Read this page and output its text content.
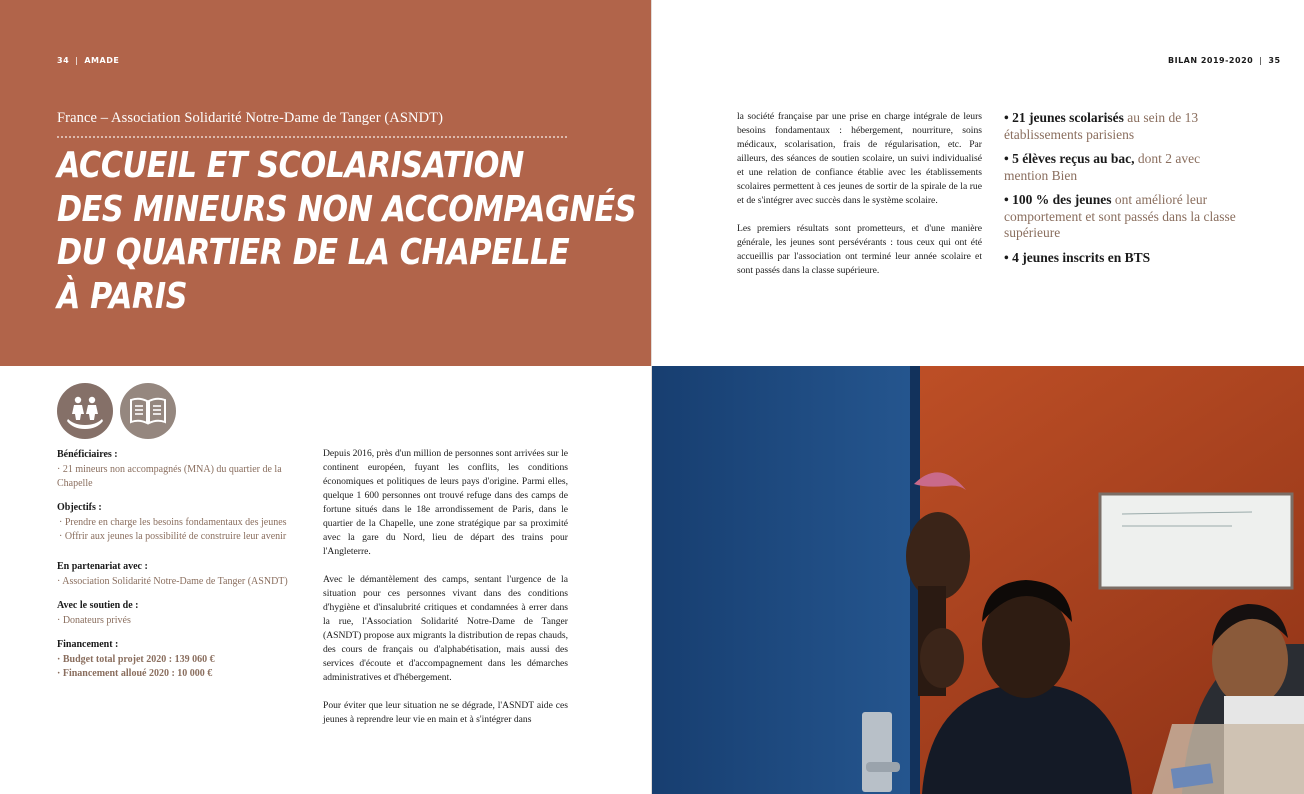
34 | AMADE
France – Association Solidarité Notre-Dame de Tanger (ASNDT)
ACCUEIL ET SCOLARISATION
DES MINEURS NON ACCOMPAGNÉS
DU QUARTIER DE LA CHAPELLE
À PARIS
Bénéficiaires :
· 21 mineurs non accompagnés (MNA) du quartier de la Chapelle
Objectifs :
· Prendre en charge les besoins fondamentaux des jeunes
· Offrir aux jeunes la possibilité de construire leur avenir
En partenariat avec :
· Association Solidarité Notre-Dame de Tanger (ASNDT)
Avec le soutien de :
· Donateurs privés
Financement :
· Budget total projet 2020 : 139 060 €
· Financement alloué 2020 : 10 000 €

Depuis 2016, près d'un million de personnes sont arrivées sur le continent européen, fuyant les conflits, les conditions économiques et politiques de leurs pays d'origine. Parmi elles, quelque 1 600 personnes ont trouvé refuge dans des camps de fortune situés dans le 18e arrondissement de Paris, dans le quartier de la Chapelle, une zone stratégique par sa proximité avec la gare du Nord, lieu de départ des trains pour l'Angleterre.

Avec le démantèlement des camps, sentant l'urgence de la situation pour ces personnes vivant dans des conditions d'hygiène et d'insalubrité critiques et condamnées à errer dans la rue, l'Association Solidarité Notre-Dame de Tanger (ASNDT) propose aux migrants la distribution de repas chauds, des cours de français ou d'alphabétisation, mais aussi des services d'écoute et d'accompagnement dans les démarches administratives et d'hébergement.

Pour éviter que leur situation ne se dégrade, l'ASNDT aide ces jeunes à reprendre leur vie en main et à s'intégrer dans

BILAN 2019-2020 | 35

la société française par une prise en charge intégrale de leurs besoins fondamentaux : hébergement, nourriture, soins médicaux, scolarisation, frais de régularisation, etc. Par ailleurs, des séances de soutien scolaire, un suivi individualisé et une relation de confiance établie avec les établissements scolaires permettent à ces jeunes de sortir de la spirale de la rue et de s'intégrer avec succès dans le système scolaire.

Les premiers résultats sont prometteurs, et d'une manière générale, les jeunes sont persévérants : tous ceux qui ont été accueillis par l'association ont terminé leur année scolaire et sont passés dans la classe supérieure.

• 21 jeunes scolarisés au sein de 13 établissements parisiens
• 5 élèves reçus au bac, dont 2 avec mention Bien
• 100 % des jeunes ont amélioré leur comportement et sont passés dans la classe supérieure
• 4 jeunes inscrits en BTS
